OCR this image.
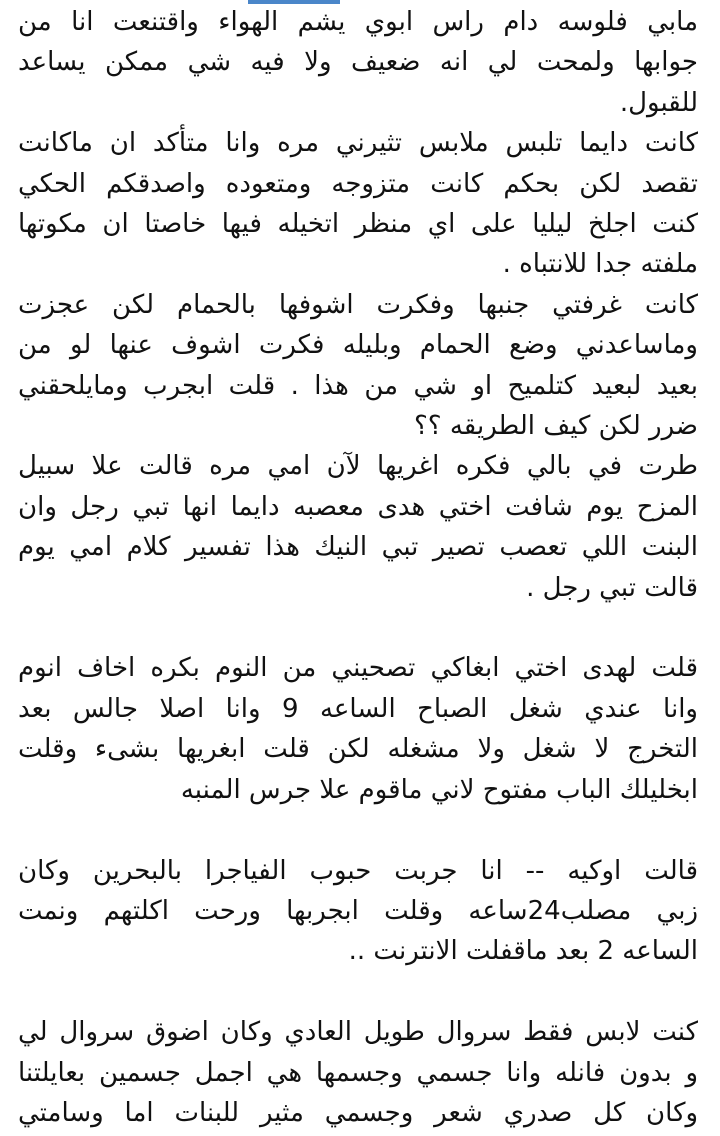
مابي فلوسه دام راس ابوي يشم الهواء واقتنعت انا من
جوابها ولمحت لي انه ضعيف ولا فيه شي ممكن يساعد
للقبول.
كانت دايما تلبس ملابس تثيرني مره وانا متأكد ان ماكانت
تقصد لكن بحكم كانت متزوجه ومتعوده واصدقكم الحكي
كنت اجلخ ليليا على اي منظر اتخيله فيها خاصتا ان مكوتها
ملفته جدا للانتباه .
كانت غرفتي جنبها وفكرت اشوفها بالحمام لكن عجزت
وماساعدني وضع الحمام وبليله فكرت اشوف عنها لو من
بعيد لبعيد كتلميح او شي من هذا . قلت ابجرب ومايلحقني
ضرر لكن كيف الطريقه ؟؟
طرت في بالي فكره اغريها لآن امي مره قالت علا سبيل
المزح يوم شافت اختي هدى معصبه دايما انها تبي رجل وان
البنت اللي تعصب تصير تبي النيك هذا تفسير كلام امي يوم
قالت تبي رجل .
قلت لهدى اختي ابغاكي تصحيني من النوم بكره اخاف انوم
وانا عندي شغل الصباح الساعه 9 وانا اصلا جالس بعد
التخرج لا شغل ولا مشغله لكن قلت ابغريها بشىء وقلت
ابخليلك الباب مفتوح لاني ماقوم علا جرس المنبه
قالت اوكيه -- انا جربت حبوب الفياجرا بالبحرين وكان
زبي مصلب24ساعه وقلت ابجربها ورحت اكلتهم ونمت
الساعه 2 بعد ماقفلت الانترنت ..
كنت لابس فقط سروال طويل العادي وكان اضوق سروال لي
و بدون فانله وانا جسمي وجسمها هي اجمل جسمين بعايلتنا
وكان كل صدري شعر وجسمي مثير للبنات اما وسامتي
